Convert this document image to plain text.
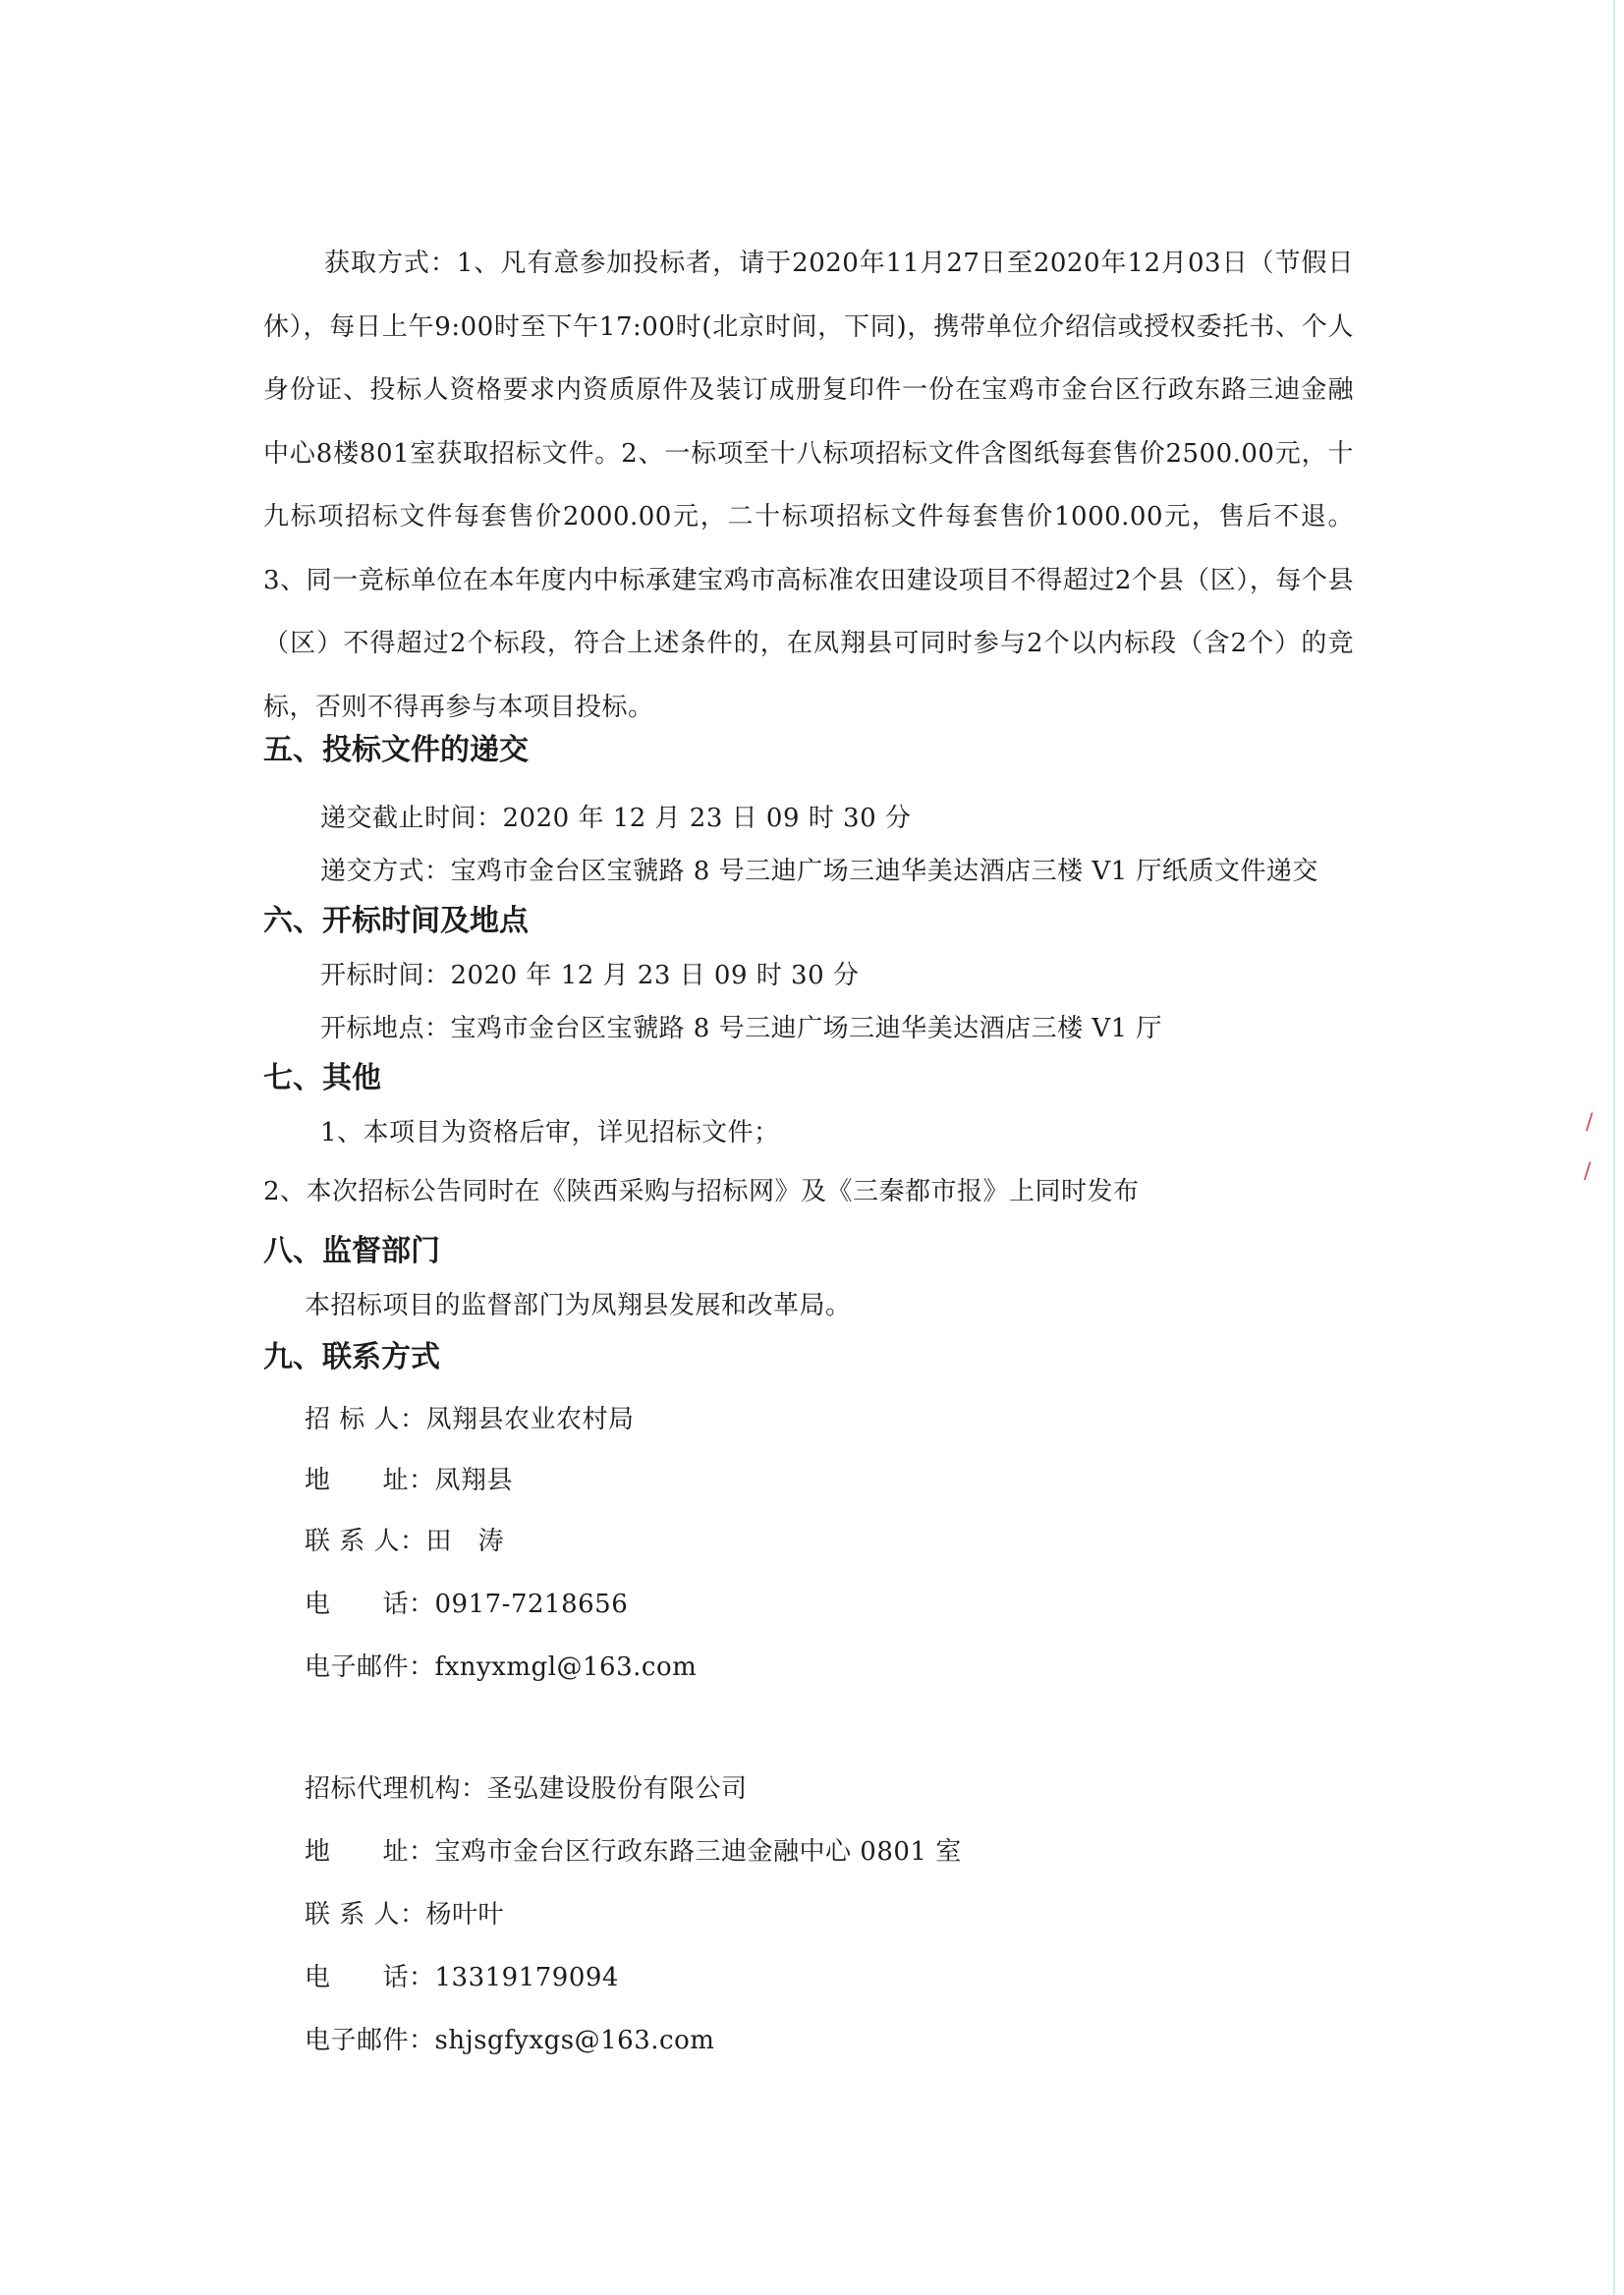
获取方式：1、凡有意参加投标者，请于2020年11月27日至2020年12月03日（节假日休），每日上午9:00时至下午17:00时(北京时间，下同)，携带单位介绍信或授权委托书、个人身份证、投标人资格要求内资质原件及装订成册复印件一份在宝鸡市金台区行政东路三迪金融中心8楼801室获取招标文件。2、一标项至十八标项招标文件含图纸每套售价2500.00元，十九标项招标文件每套售价2000.00元，二十标项招标文件每套售价1000.00元，售后不退。3、同一竞标单位在本年度内中标承建宝鸡市高标准农田建设项目不得超过2个县（区），每个县（区）不得超过2个标段，符合上述条件的，在凤翔县可同时参与2个以内标段（含2个）的竞标，否则不得再参与本项目投标。

五、投标文件的递交
递交截止时间：2020 年 12 月 23 日 09 时 30 分
递交方式：宝鸡市金台区宝虢路 8 号三迪广场三迪华美达酒店三楼 V1 厅纸质文件递交
六、开标时间及地点
开标时间：2020 年 12 月 23 日 09 时 30 分
开标地点：宝鸡市金台区宝虢路 8 号三迪广场三迪华美达酒店三楼 V1 厅
七、其他
1、本项目为资格后审，详见招标文件；
2、本次招标公告同时在《陕西采购与招标网》及《三秦都市报》上同时发布
八、监督部门
本招标项目的监督部门为凤翔县发展和改革局。
九、联系方式
招 标 人：凤翔县农业农村局
地　　址：凤翔县
联 系 人：田　涛
电　　话：0917-7218656
电子邮件：fxnyxmgl@163.com
招标代理机构：圣弘建设股份有限公司
地　　址：宝鸡市金台区行政东路三迪金融中心 0801 室
联 系 人：杨叶叶
电　　话：13319179094
电子邮件：shjsgfyxgs@163.com
/
/
